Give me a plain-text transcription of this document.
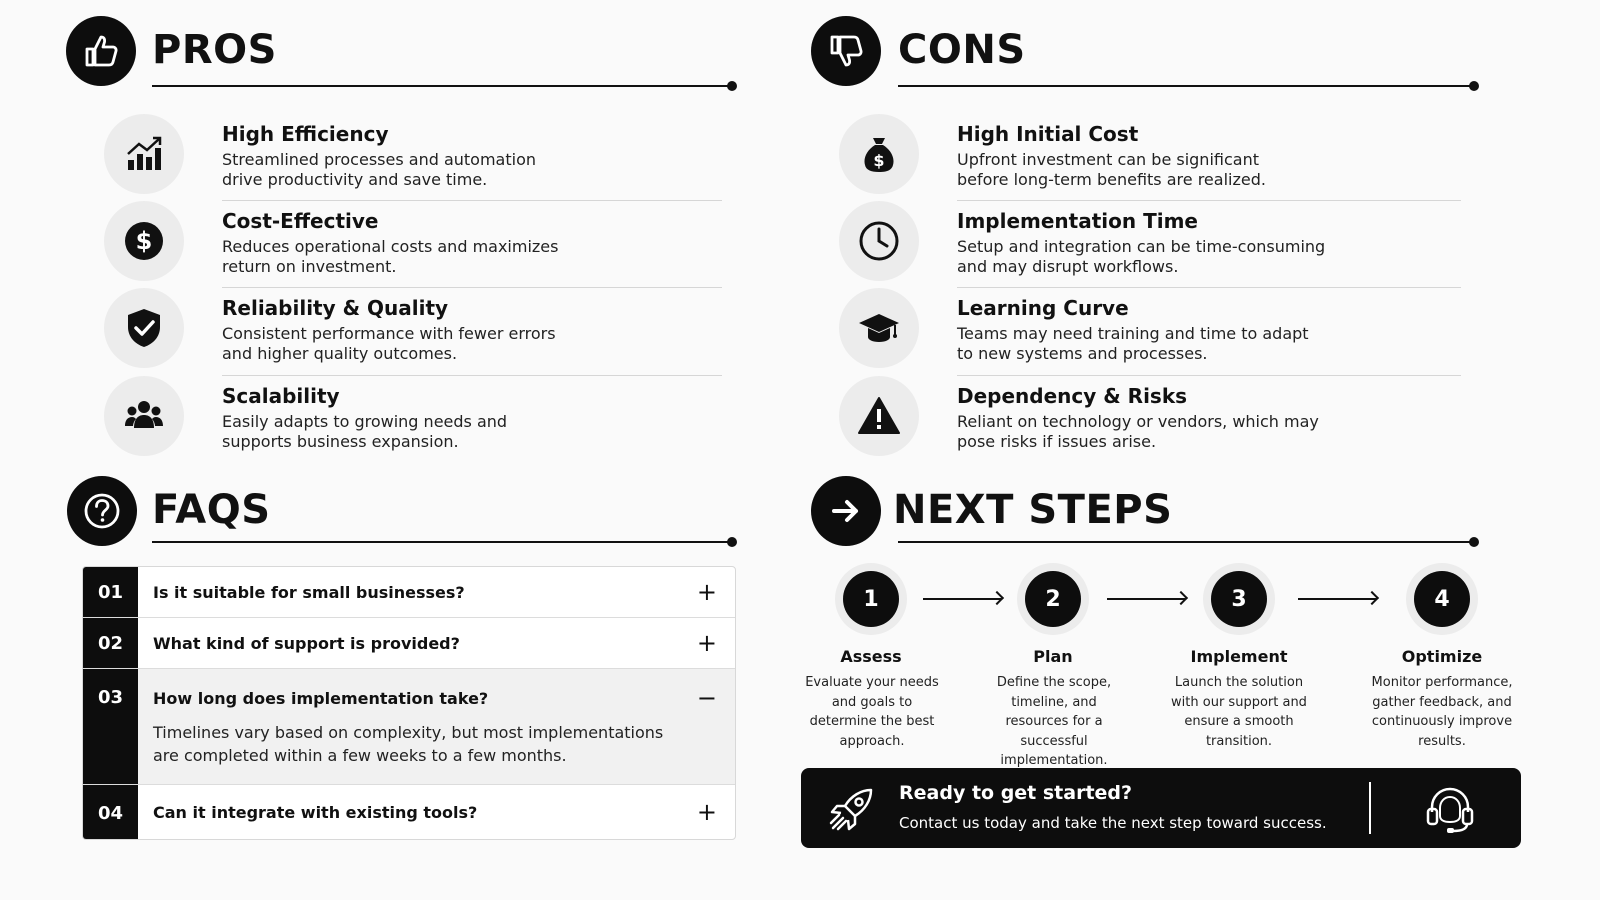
PROS
High Efficiency
Streamlined processes and automation drive productivity and save time.
$
Cost-Effective
Reduces operational costs and maximizes return on investment.
Reliability & Quality
Consistent performance with fewer errors and higher quality outcomes.
Scalability
Easily adapts to growing needs and supports business expansion.
CONS
$
High Initial Cost
Upfront investment can be significant before long-term benefits are realized.
Implementation Time
Setup and integration can be time-consuming and may disrupt workflows.
Learning Curve
Teams may need training and time to adapt to new systems and processes.
Dependency & Risks
Reliant on technology or vendors, which may pose risks if issues arise.
FAQS
01	Is it suitable for small businesses?	+
02	What kind of support is provided?	+
03	How long does implementation take?	−
Timelines vary based on complexity, but most implementations are completed within a few weeks to a few months.
04	Can it integrate with existing tools?	+
NEXT STEPS
1
Assess
Evaluate your needs and goals to determine the best approach.
2
Plan
Define the scope, timeline, and resources for a successful implementation.
3
Implement
Launch the solution with our support and ensure a smooth transition.
4
Optimize
Monitor performance, gather feedback, and continuously improve results.
Ready to get started?
Contact us today and take the next step toward success.
